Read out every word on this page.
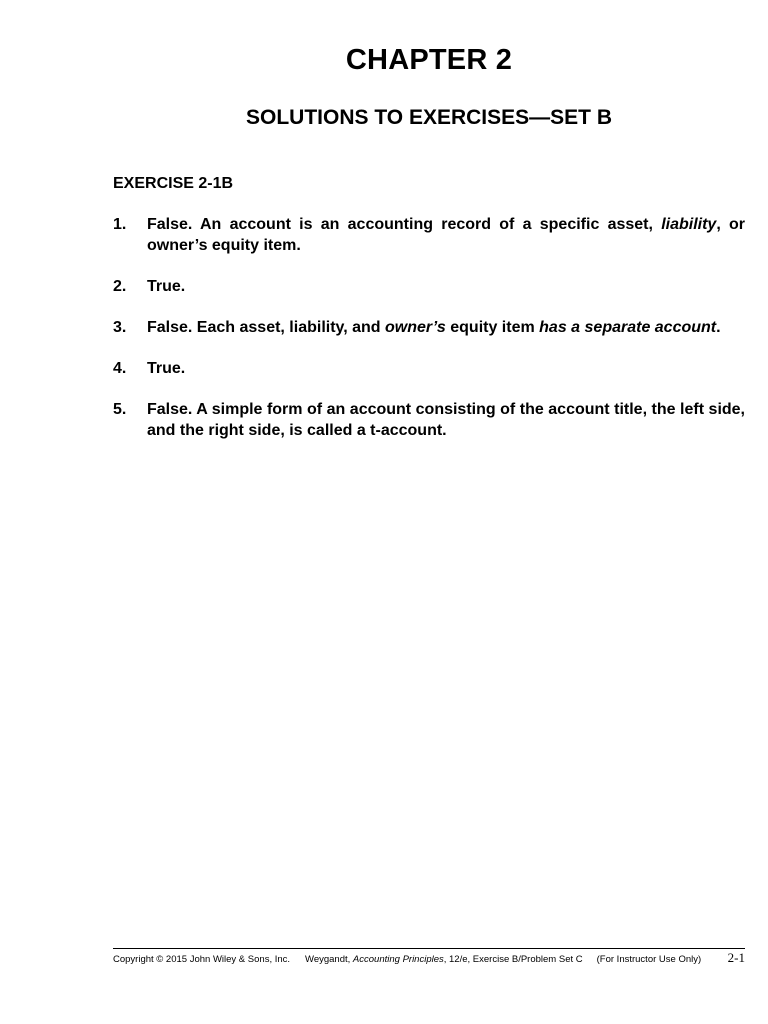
CHAPTER 2
SOLUTIONS TO EXERCISES—SET B
EXERCISE 2-1B
1.	False. An account is an accounting record of a specific asset, liability, or owner’s equity item.
2.	True.
3.	False. Each asset, liability, and owner’s equity item has a separate account.
4.	True.
5.	False. A simple form of an account consisting of the account title, the left side, and the right side, is called a t-account.
Copyright © 2015 John Wiley & Sons, Inc. Weygandt, Accounting Principles, 12/e, Exercise B/Problem Set C (For Instructor Use Only) 2-1
